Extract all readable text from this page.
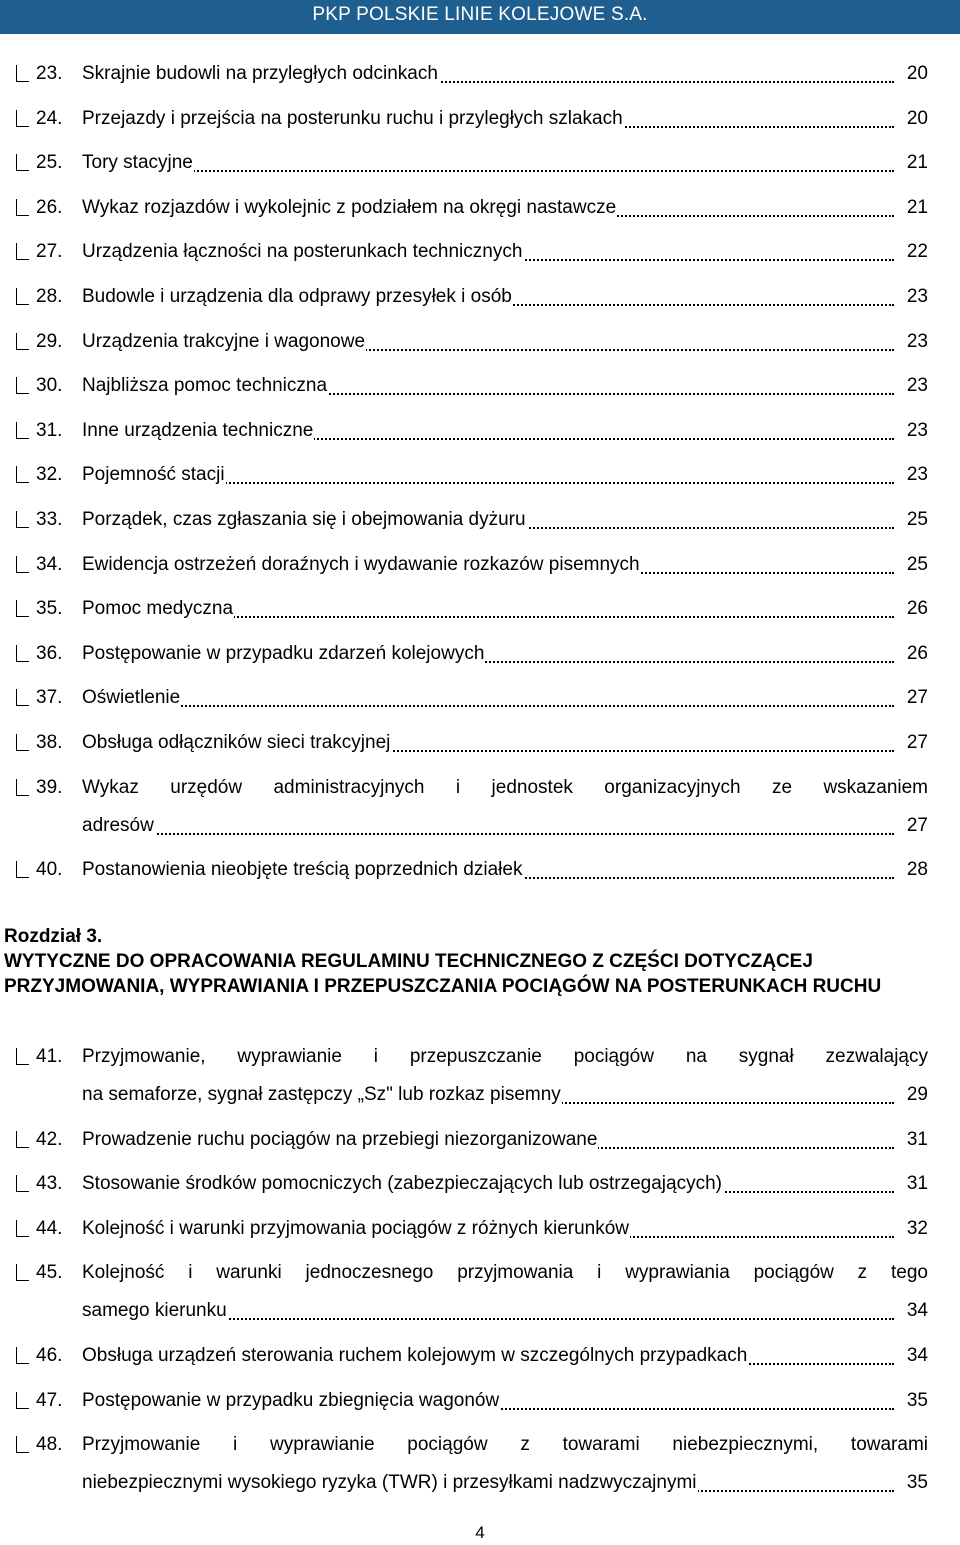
PKP POLSKIE LINIE KOLEJOWE S.A.
23. Skrajnie budowli na przyległych odcinkach	20
24. Przejazdy i przejścia na posterunku ruchu i przyległych szlakach	20
25. Tory stacyjne	21
26. Wykaz rozjazdów i wykolejnic z podziałem na okręgi nastawcze	21
27. Urządzenia łączności na posterunkach technicznych	22
28. Budowle i urządzenia dla odprawy przesyłek i osób	23
29. Urządzenia trakcyjne i wagonowe	23
30. Najbliższa pomoc techniczna	23
31. Inne urządzenia techniczne	23
32. Pojemność stacji	23
33. Porządek, czas zgłaszania się i obejmowania dyżuru	25
34. Ewidencja ostrzeżeń doraźnych i wydawanie rozkazów pisemnych	25
35. Pomoc medyczna	26
36. Postępowanie w przypadku zdarzeń kolejowych	26
37. Oświetlenie	27
38. Obsługa odłączników sieci trakcyjnej	27
39. Wykaz urzędów administracyjnych i jednostek organizacyjnych ze wskazaniem
adresów	27
40. Postanowienia nieobjęte treścią poprzednich działek	28
Rozdział 3.
WYTYCZNE DO OPRACOWANIA REGULAMINU TECHNICZNEGO Z CZĘŚCI DOTYCZĄCEJ PRZYJMOWANIA, WYPRAWIANIA I PRZEPUSZCZANIA POCIĄGÓW NA POSTERUNKACH RUCHU
41. Przyjmowanie, wyprawianie i przepuszczanie pociągów na sygnał zezwalający
na semaforze, sygnał zastępczy „Sz" lub rozkaz pisemny	29
42. Prowadzenie ruchu pociągów na przebiegi niezorganizowane	31
43. Stosowanie środków pomocniczych (zabezpieczających lub ostrzegających)	31
44. Kolejność i warunki przyjmowania pociągów z różnych kierunków	32
45. Kolejność i warunki jednoczesnego przyjmowania i wyprawiania pociągów z tego
samego kierunku	34
46. Obsługa urządzeń sterowania ruchem kolejowym w szczególnych przypadkach	34
47. Postępowanie w przypadku zbiegnięcia wagonów	35
48. Przyjmowanie i wyprawianie pociągów z towarami niebezpiecznymi, towarami
niebezpiecznymi wysokiego ryzyka (TWR) i przesyłkami nadzwyczajnymi	35
4
